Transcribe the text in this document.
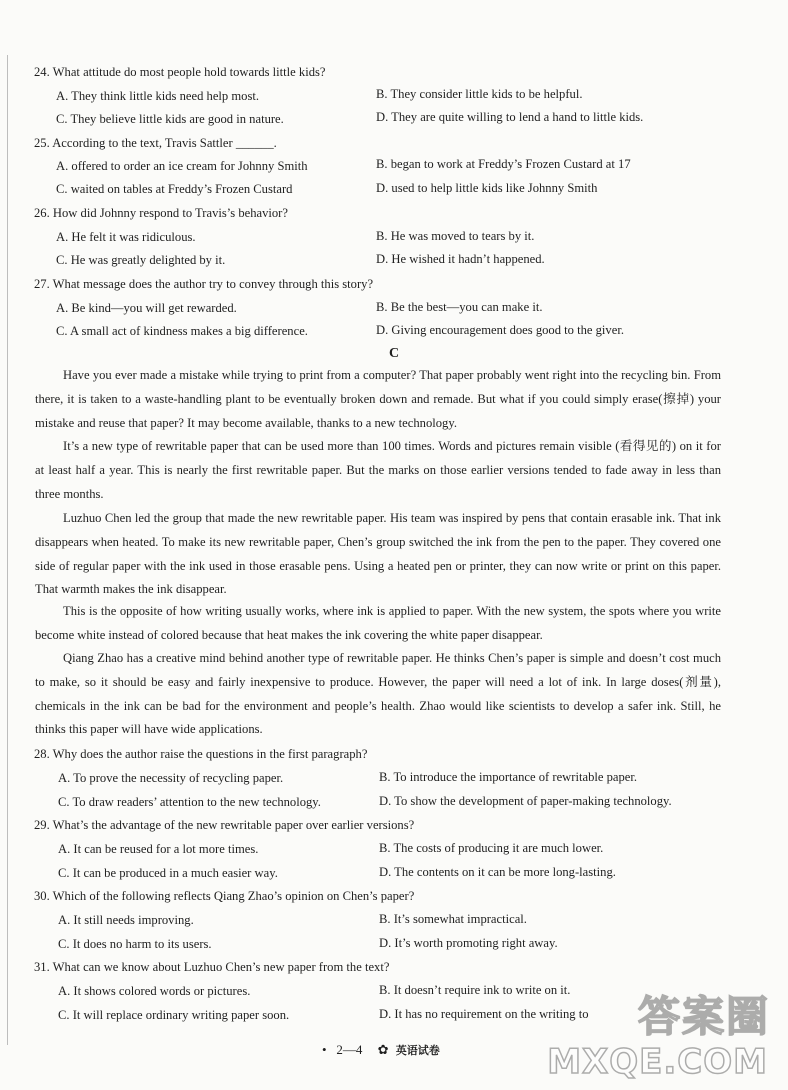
24. What attitude do most people hold towards little kids?
A. They think little kids need help most.	B. They consider little kids to be helpful.
C. They believe little kids are good in nature.	D. They are quite willing to lend a hand to little kids.
25. According to the text, Travis Sattler ______.
A. offered to order an ice cream for Johnny Smith	B. began to work at Freddy’s Frozen Custard at 17
C. waited on tables at Freddy’s Frozen Custard	D. used to help little kids like Johnny Smith
26. How did Johnny respond to Travis’s behavior?
A. He felt it was ridiculous.	B. He was moved to tears by it.
C. He was greatly delighted by it.	D. He wished it hadn’t happened.
27. What message does the author try to convey through this story?
A. Be kind—you will get rewarded.	B. Be the best—you can make it.
C. A small act of kindness makes a big difference.	D. Giving encouragement does good to the giver.
C
Have you ever made a mistake while trying to print from a computer? That paper probably went right into the recycling bin. From there, it is taken to a waste-handling plant to be eventually broken down and remade. But what if you could simply erase(擦掉) your mistake and reuse that paper? It may become available, thanks to a new technology.
It’s a new type of rewritable paper that can be used more than 100 times. Words and pictures remain visible (看得见的) on it for at least half a year. This is nearly the first rewritable paper. But the marks on those earlier versions tended to fade away in less than three months.
Luzhuo Chen led the group that made the new rewritable paper. His team was inspired by pens that contain erasable ink. That ink disappears when heated. To make its new rewritable paper, Chen’s group switched the ink from the pen to the paper. They covered one side of regular paper with the ink used in those erasable pens. Using a heated pen or printer, they can now write or print on this paper. That warmth makes the ink disappear.
This is the opposite of how writing usually works, where ink is applied to paper. With the new system, the spots where you write become white instead of colored because that heat makes the ink covering the white paper disappear.
Qiang Zhao has a creative mind behind another type of rewritable paper. He thinks Chen’s paper is simple and doesn’t cost much to make, so it should be easy and fairly inexpensive to produce. However, the paper will need a lot of ink. In large doses(剂量), chemicals in the ink can be bad for the environment and people’s health. Zhao would like scientists to develop a safer ink. Still, he thinks this paper will have wide applications.
28. Why does the author raise the questions in the first paragraph?
A. To prove the necessity of recycling paper.	B. To introduce the importance of rewritable paper.
C. To draw readers’ attention to the new technology.	D. To show the development of paper-making technology.
29. What’s the advantage of the new rewritable paper over earlier versions?
A. It can be reused for a lot more times.	B. The costs of producing it are much lower.
C. It can be produced in a much easier way.	D. The contents on it can be more long-lasting.
30. Which of the following reflects Qiang Zhao’s opinion on Chen’s paper?
A. It still needs improving.	B. It’s somewhat impractical.
C. It does no harm to its users.	D. It’s worth promoting right away.
31. What can we know about Luzhuo Chen’s new paper from the text?
A. It shows colored words or pictures.	B. It doesn’t require ink to write on it.
C. It will replace ordinary writing paper soon.	D. It has no requirement on the writing to
•   2—4 ✿ 英语试卷
答案圈
MXQE.COM
